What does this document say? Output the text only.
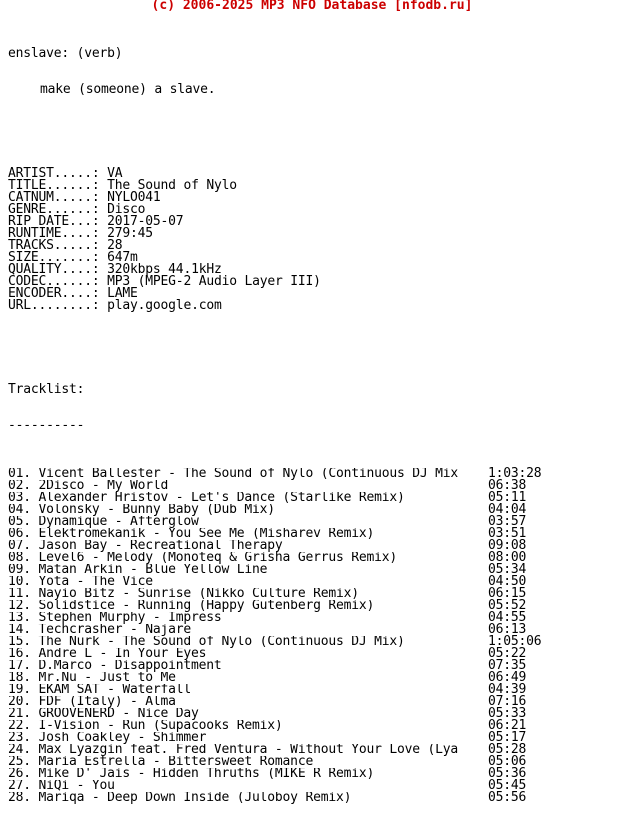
(c) 2006-2025 MP3 NFO Database [nfodb.ru]

enslave: (verb)

make (someone) a slave.

ARTIST.....: VA
TITLE......: The Sound of Nylo
CATNUM.....: NYLO041
GENRE......: Disco
RIP DATE...: 2017-05-07
RUNTIME....: 279:45
TRACKS.....: 28
SIZE.......: 647m
QUALITY....: 320kbps 44.1kHz
CODEC......: MP3 (MPEG-2 Audio Layer III)
ENCODER....: LAME
URL........: play.google.com

Tracklist:

----------

01. Vicent Ballester - The Sound of Nylo (Continuous DJ Mix 1:03:28
02. 2Disco - My World	06:38
03. Alexander Hristov - Let's Dance (Starlike Remix)	05:11
04. Volonsky - Bunny Baby (Dub Mix)	04:04
05. Dynamique - Afterglow	03:57
06. Elektromekanik - You See Me (Misharev Remix)	03:51
07. Jason Bay - Recreational Therapy	09:08
08. Level6 - Melody (Monoteq & Grisha Gerrus Remix)	08:00
09. Matan Arkin - Blue Yellow Line	05:34
10. Yota - The Vice	04:50
11. Nayio Bitz - Sunrise (Nikko Culture Remix)	06:15
12. Solidstice - Running (Happy Gutenberg Remix)	05:52
13. Stephen Murphy - Impress	04:55
14. Techcrasher - Najare	06:13
15. The Nurk - The Sound of Nylo (Continuous DJ Mix)	1:05:06
16. Andre L - In Your Eyes	05:22
17. D.Marco - Disappointment	07:35
18. Mr.Nu - Just to Me	06:49
19. EKAM SAT - Waterfall	04:39
20. FDF (Italy) - Alma	07:16
21. GROOVENERD - Nice Day	05:33
22. I-Vision - Run (Supacooks Remix)	06:21
23. Josh Coakley - Shimmer	05:17
24. Max Lyazgin feat. Fred Ventura - Without Your Love (Lya 05:28
25. Maria Estrella - Bittersweet Romance	05:06
26. Mike D' Jais - Hidden Thruths (MIKE R Remix)	05:36
27. NiQi - You	05:45
28. Mariqa - Deep Down Inside (Juloboy Remix)	05:56
